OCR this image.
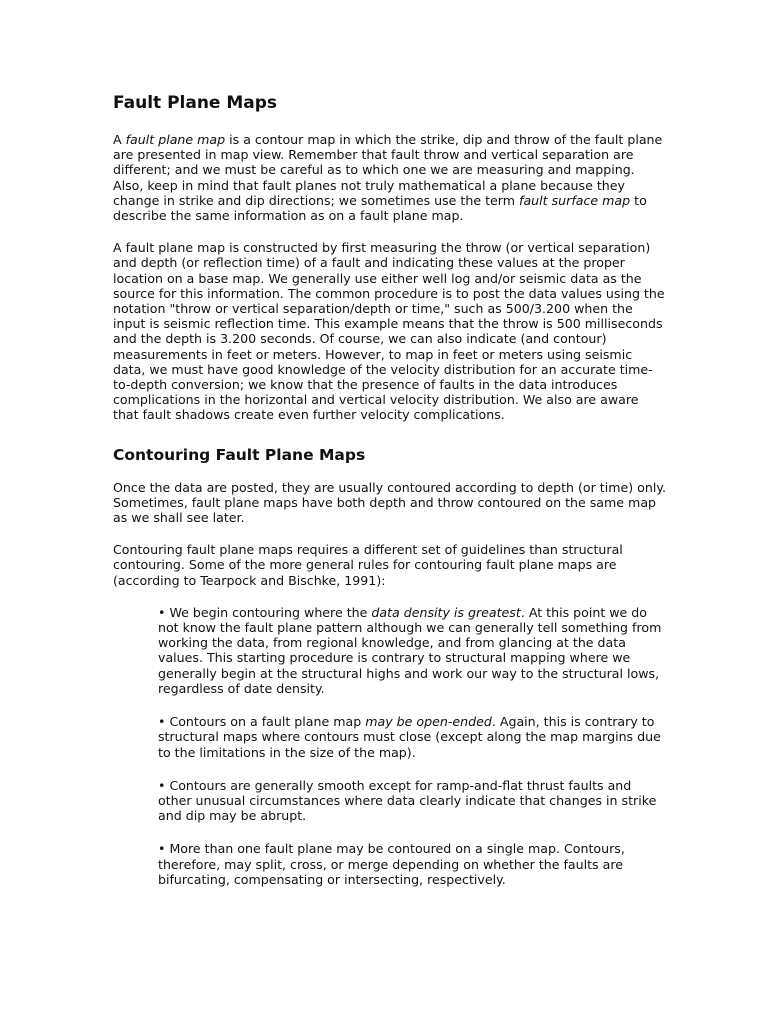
Fault Plane Maps

A fault plane map is a contour map in which the strike, dip and throw of the fault plane are presented in map view. Remember that fault throw and vertical separation are different; and we must be careful as to which one we are measuring and mapping. Also, keep in mind that fault planes not truly mathematical a plane because they change in strike and dip directions; we sometimes use the term fault surface map to describe the same information as on a fault plane map.

A fault plane map is constructed by first measuring the throw (or vertical separation) and depth (or reflection time) of a fault and indicating these values at the proper location on a base map. We generally use either well log and/or seismic data as the source for this information. The common procedure is to post the data values using the notation "throw or vertical separation/depth or time," such as 500/3.200 when the input is seismic reflection time. This example means that the throw is 500 milliseconds and the depth is 3.200 seconds. Of course, we can also indicate (and contour) measurements in feet or meters. However, to map in feet or meters using seismic data, we must have good knowledge of the velocity distribution for an accurate time-to-depth conversion; we know that the presence of faults in the data introduces complications in the horizontal and vertical velocity distribution. We also are aware that fault shadows create even further velocity complications.

Contouring Fault Plane Maps

Once the data are posted, they are usually contoured according to depth (or time) only. Sometimes, fault plane maps have both depth and throw contoured on the same map as we shall see later.

Contouring fault plane maps requires a different set of guidelines than structural contouring. Some of the more general rules for contouring fault plane maps are (according to Tearpock and Bischke, 1991):

• We begin contouring where the data density is greatest. At this point we do not know the fault plane pattern although we can generally tell something from working the data, from regional knowledge, and from glancing at the data values. This starting procedure is contrary to structural mapping where we generally begin at the structural highs and work our way to the structural lows, regardless of date density.
• Contours on a fault plane map may be open-ended. Again, this is contrary to structural maps where contours must close (except along the map margins due to the limitations in the size of the map).
• Contours are generally smooth except for ramp-and-flat thrust faults and other unusual circumstances where data clearly indicate that changes in strike and dip may be abrupt.
• More than one fault plane may be contoured on a single map. Contours, therefore, may split, cross, or merge depending on whether the faults are bifurcating, compensating or intersecting, respectively.
